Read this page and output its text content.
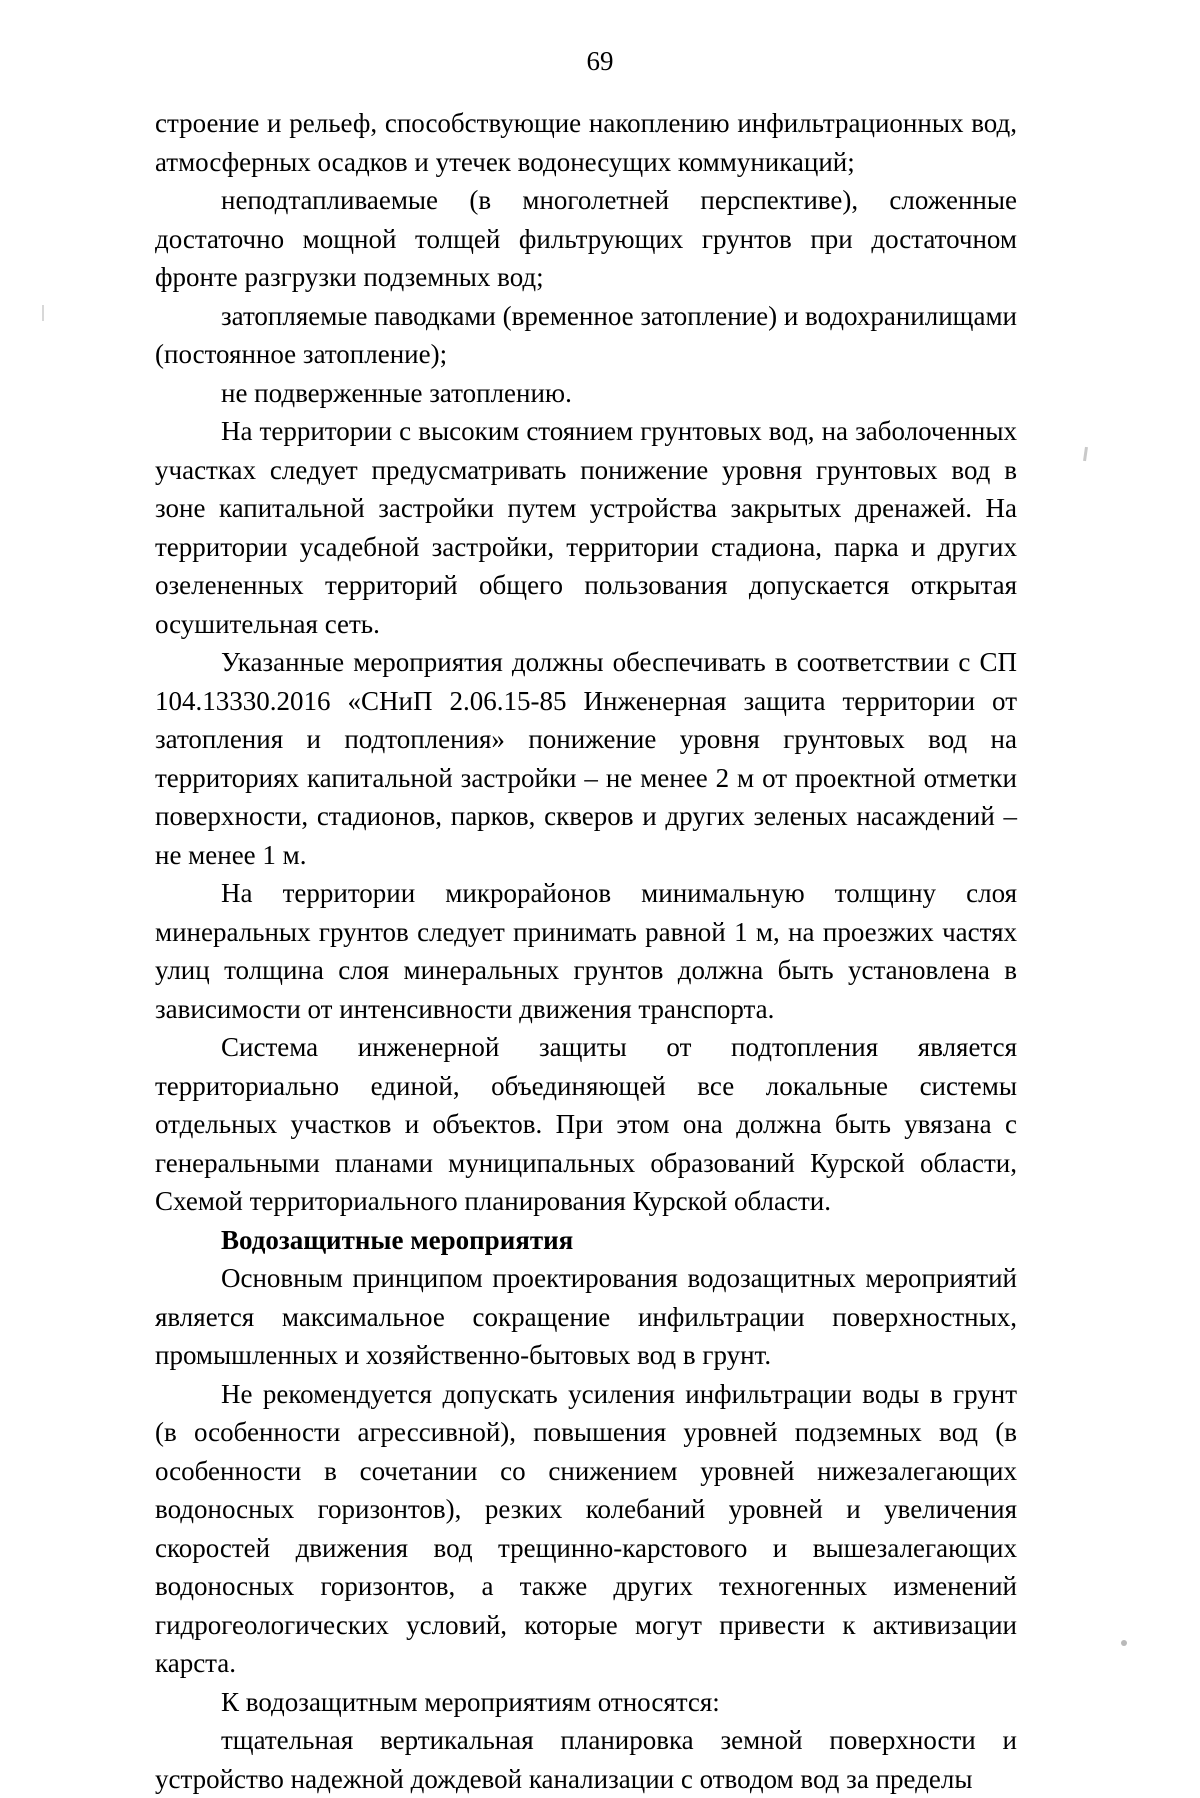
69

строение и рельеф, способствующие накоплению инфильтрационных вод, атмосферных осадков и утечек водонесущих коммуникаций;

неподтапливаемые (в многолетней перспективе), сложенные достаточно мощной толщей фильтрующих грунтов при достаточном фронте разгрузки подземных вод;

затопляемые паводками (временное затопление) и водохранилищами (постоянное затопление);

не подверженные затоплению.

На территории с высоким стоянием грунтовых вод, на заболоченных участках следует предусматривать понижение уровня грунтовых вод в зоне капитальной застройки путем устройства закрытых дренажей. На территории усадебной застройки, территории стадиона, парка и других озелененных территорий общего пользования допускается открытая осушительная сеть.

Указанные мероприятия должны обеспечивать в соответствии с СП 104.13330.2016 «СНиП 2.06.15-85 Инженерная защита территории от затопления и подтопления» понижение уровня грунтовых вод на территориях капитальной застройки – не менее 2 м от проектной отметки поверхности, стадионов, парков, скверов и других зеленых насаждений – не менее 1 м.

На территории микрорайонов минимальную толщину слоя минеральных грунтов следует принимать равной 1 м, на проезжих частях улиц толщина слоя минеральных грунтов должна быть установлена в зависимости от интенсивности движения транспорта.

Система инженерной защиты от подтопления является территориально единой, объединяющей все локальные системы отдельных участков и объектов. При этом она должна быть увязана с генеральными планами муниципальных образований Курской области, Схемой территориального планирования Курской области.

Водозащитные мероприятия

Основным принципом проектирования водозащитных мероприятий является максимальное сокращение инфильтрации поверхностных, промышленных и хозяйственно-бытовых вод в грунт.

Не рекомендуется допускать усиления инфильтрации воды в грунт (в особенности агрессивной), повышения уровней подземных вод (в особенности в сочетании со снижением уровней нижезалегающих водоносных горизонтов), резких колебаний уровней и увеличения скоростей движения вод трещинно-карстового и вышезалегающих водоносных горизонтов, а также других техногенных изменений гидрогеологических условий, которые могут привести к активизации карста.

К водозащитным мероприятиям относятся:

тщательная вертикальная планировка земной поверхности и устройство надежной дождевой канализации с отводом вод за пределы
